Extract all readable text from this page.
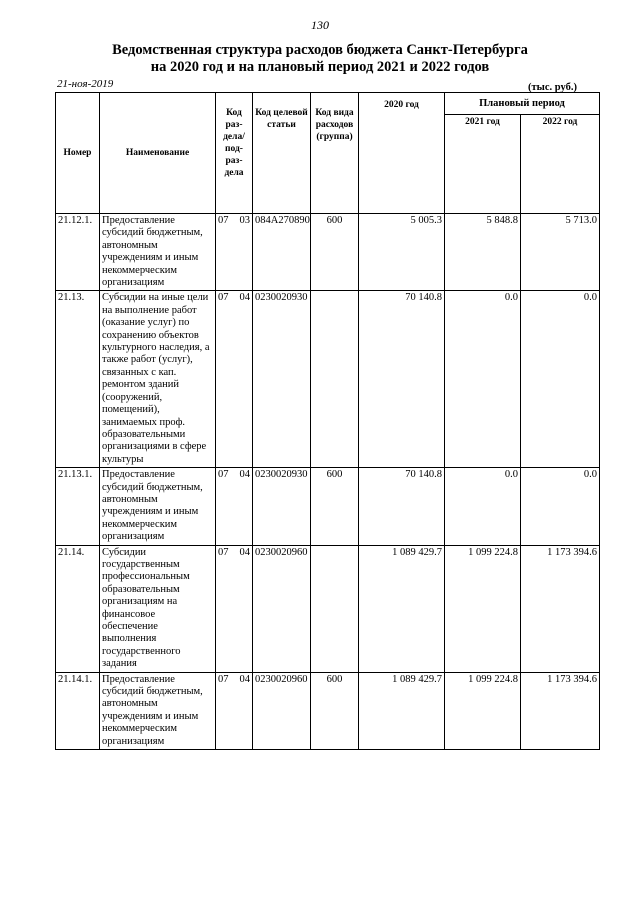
130
Ведомственная структура расходов бюджета Санкт-Петербурга
на 2020 год и на плановый период 2021 и 2022 годов
21-ноя-2019	(тыс. руб.)
Номер	Наименование	Код раз- дела/ под- раз- дела	Код целевой статьи	Код вида расходов (группа)	2020 год	Плановый период	
						2021 год	2022 год
21.12.1.	Предоставление субсидий бюджетным, автономным учреждениям и иным некоммерческим организациям	07 03	084А270890	600	5 005.3	5 848.8	5 713.0
21.13.	Субсидии на иные цели на выполнение работ (оказание услуг) по сохранению объектов культурного наследия, а также работ (услуг), связанных с кап. ремонтом зданий (сооружений, помещений), занимаемых проф. образовательными организациями в сфере культуры	07 04	0230020930		70 140.8	0.0	0.0
21.13.1.	Предоставление субсидий бюджетным, автономным учреждениям и иным некоммерческим организациям	07 04	0230020930	600	70 140.8	0.0	0.0
21.14.	Субсидии государственным профессиональным образовательным организациям на финансовое обеспечение выполнения государственного задания	07 04	0230020960		1 089 429.7	1 099 224.8	1 173 394.6
21.14.1.	Предоставление субсидий бюджетным, автономным учреждениям и иным некоммерческим организациям	07 04	0230020960	600	1 089 429.7	1 099 224.8	1 173 394.6
